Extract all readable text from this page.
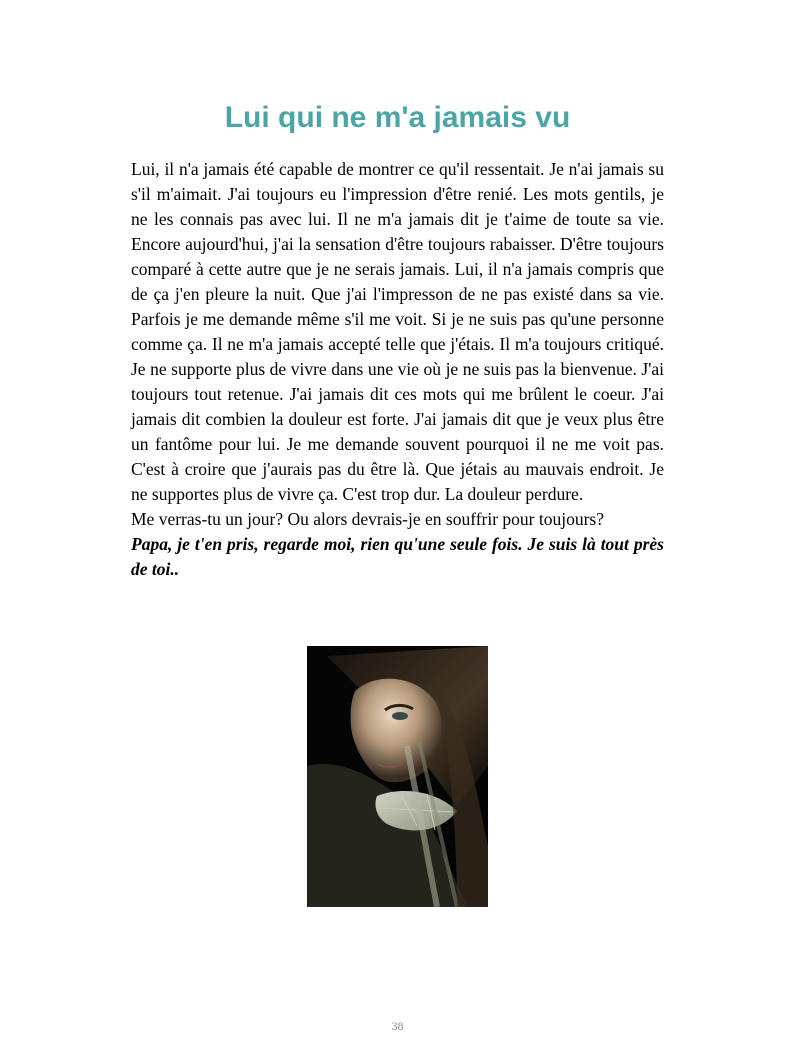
Lui qui ne m'a jamais vu

Lui, il n'a jamais été capable de montrer ce qu'il ressentait. Je n'ai jamais su s'il m'aimait. J'ai toujours eu l'impression d'être renié. Les mots gentils, je ne les connais pas avec lui. Il ne m'a jamais dit je t'aime de toute sa vie. Encore aujourd'hui, j'ai la sensation d'être toujours rabaisser. D'être toujours comparé à cette autre que je ne serais jamais. Lui, il n'a jamais compris que de ça j'en pleure la nuit. Que j'ai l'impresson de ne pas existé dans sa vie. Parfois je me demande même s'il me voit. Si je ne suis pas qu'une personne comme ça. Il ne m'a jamais accepté telle que j'étais. Il m'a toujours critiqué. Je ne supporte plus de vivre dans une vie où je ne suis pas la bienvenue. J'ai toujours tout retenue. J'ai jamais dit ces mots qui me brûlent le coeur. J'ai jamais dit combien la douleur est forte. J'ai jamais dit que je veux plus être un fantôme pour lui. Je me demande souvent pourquoi il ne me voit pas. C'est à croire que j'aurais pas du être là. Que jétais au mauvais endroit. Je ne supportes plus de vivre ça. C'est trop dur. La douleur perdure.

Me verras-tu un jour? Ou alors devrais-je en souffrir pour toujours?

Papa, je t'en pris, regarde moi, rien qu'une seule fois. Je suis là tout près de toi..

38
